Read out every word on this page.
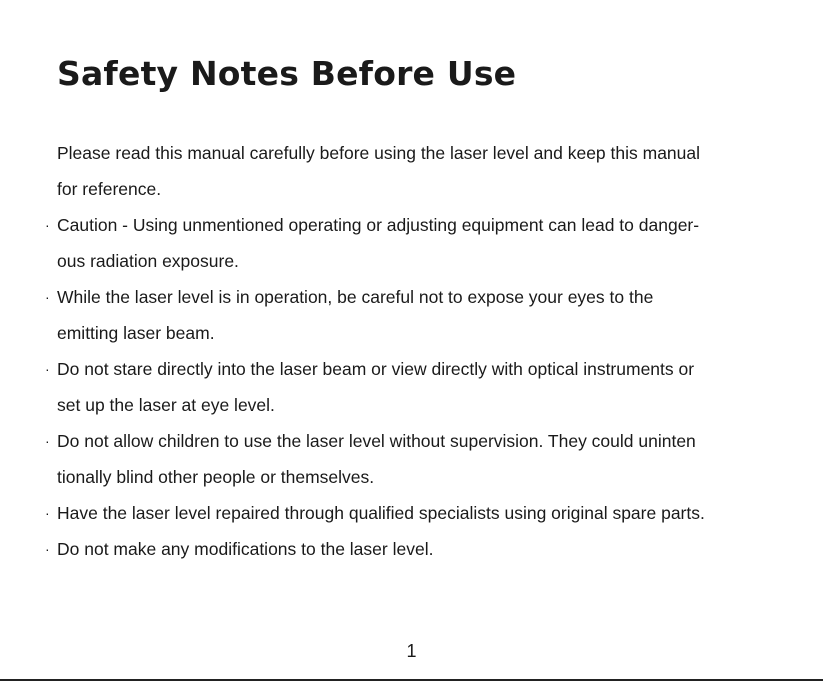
Safety Notes Before Use
Please read this manual carefully before using the laser level and keep this manual
for reference.
· Caution - Using unmentioned operating or adjusting equipment can lead to danger-
ous radiation exposure.
· While the laser level is in operation, be careful not to expose your eyes to the
emitting laser beam.
· Do not stare directly into the laser beam or view directly with optical instruments or
set up the laser at eye level.
· Do not allow children to use the laser level without supervision. They could uninten
tionally blind other people or themselves.
· Have the laser level repaired through qualified specialists using original spare parts.
· Do not make any modifications to the laser level.
1
